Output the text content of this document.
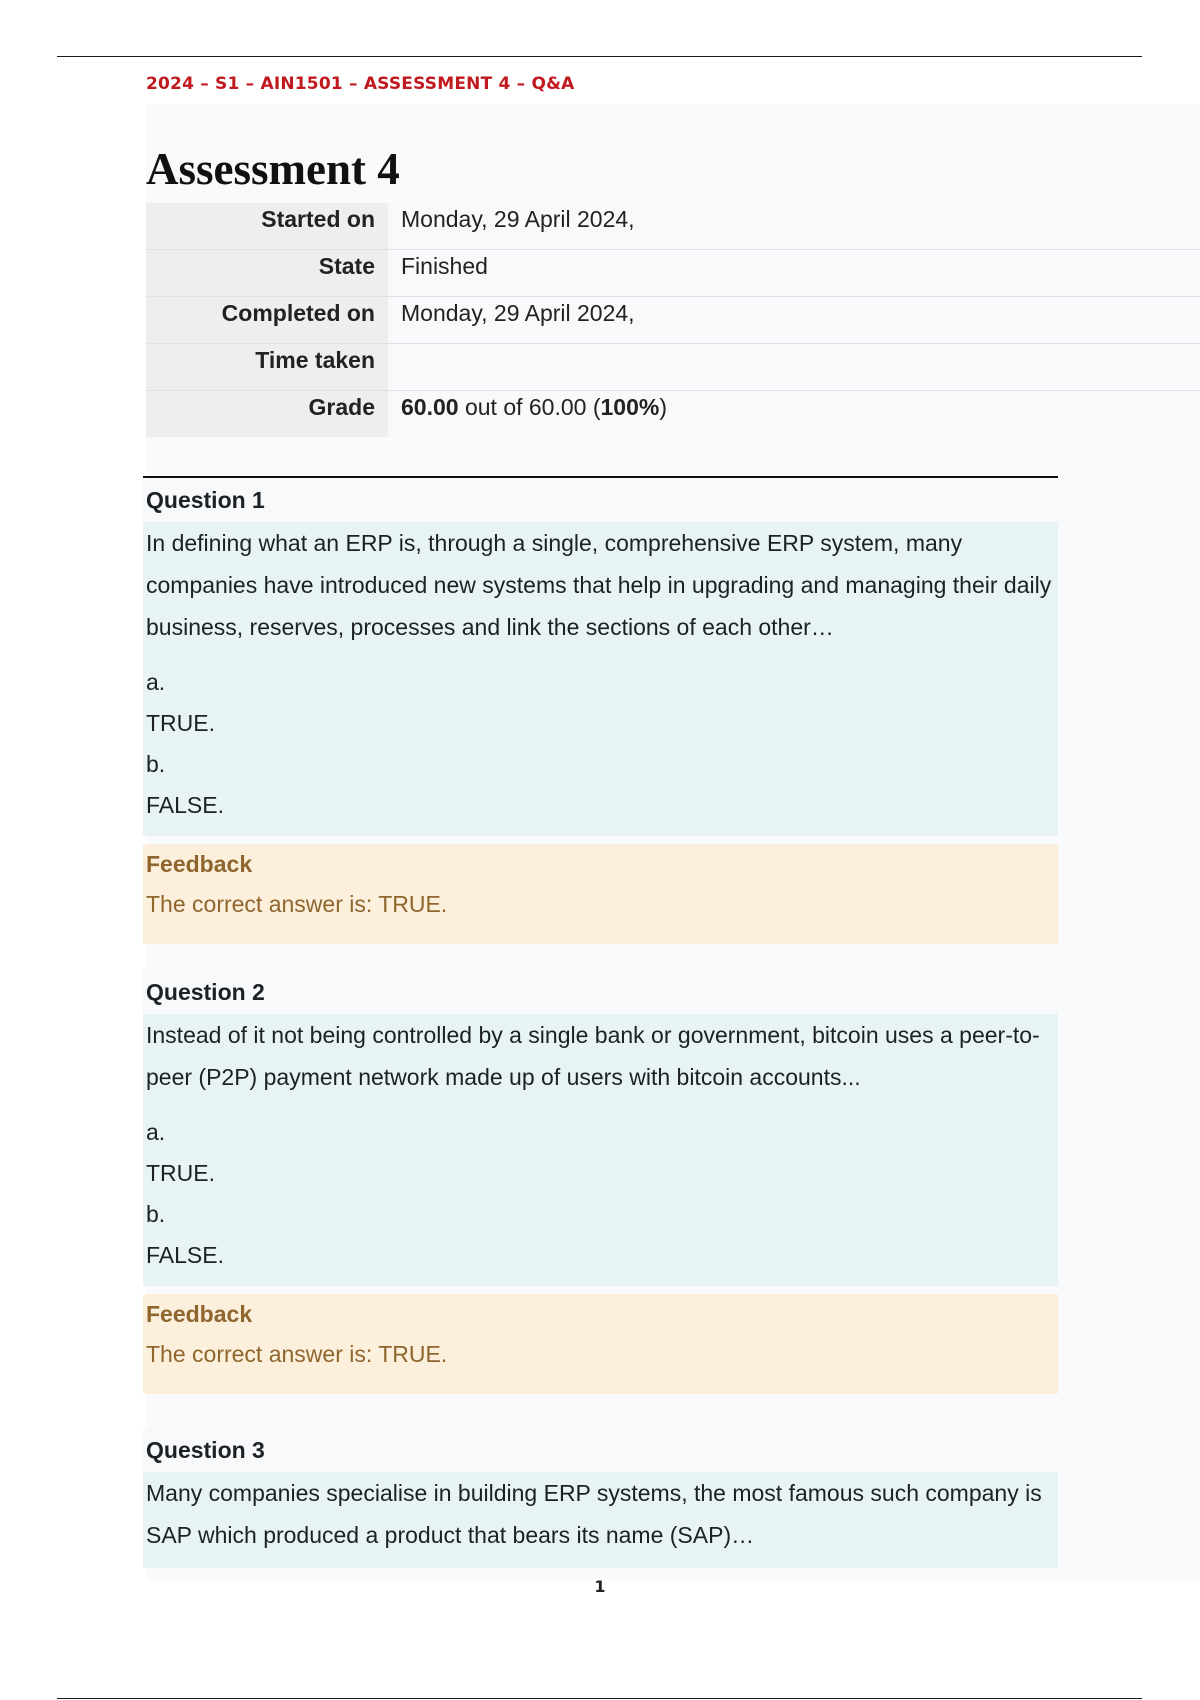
2024 – S1 – AIN1501 – ASSESSMENT 4 – Q&A
Assessment 4
Started on	Monday, 29 April 2024,
State	Finished
Completed on	Monday, 29 April 2024,
Time taken
Grade	60.00 out of 60.00 (100%)
Question 1
In defining what an ERP is, through a single, comprehensive ERP system, many companies have introduced new systems that help in upgrading and managing their daily business, reserves, processes and link the sections of each other…
a.
TRUE.
b.
FALSE.
Feedback
The correct answer is: TRUE.
Question 2
Instead of it not being controlled by a single bank or government, bitcoin uses a peer-to-peer (P2P) payment network made up of users with bitcoin accounts...
a.
TRUE.
b.
FALSE.
Feedback
The correct answer is: TRUE.
Question 3
Many companies specialise in building ERP systems, the most famous such company is SAP which produced a product that bears its name (SAP)…
1
